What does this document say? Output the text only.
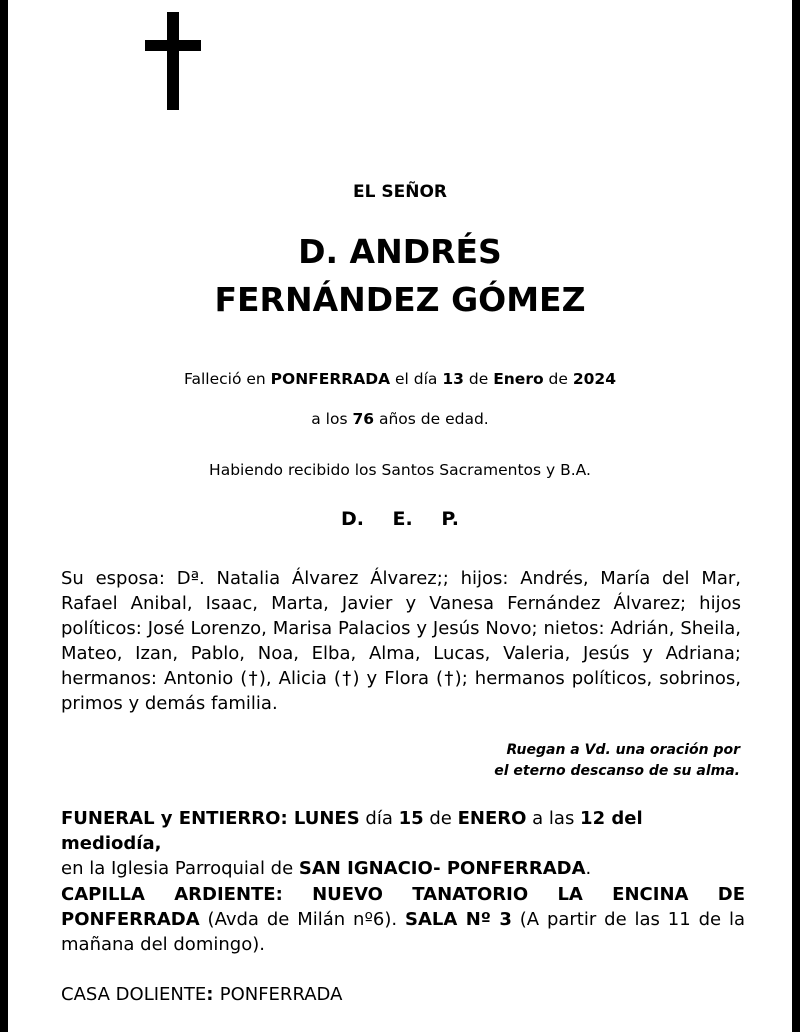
EL SEÑOR
D. ANDRÉS
FERNÁNDEZ GÓMEZ
Falleció en PONFERRADA el día 13 de Enero de 2024
a los 76 años de edad.
Habiendo recibido los Santos Sacramentos y B.A.
D. E. P.
Su esposa: Dª. Natalia Álvarez Álvarez;; hijos: Andrés, María del Mar, Rafael Anibal, Isaac, Marta, Javier y Vanesa Fernández Álvarez; hijos políticos: José Lorenzo, Marisa Palacios y Jesús Novo; nietos: Adrián, Sheila, Mateo, Izan, Pablo, Noa, Elba, Alma, Lucas, Valeria, Jesús y Adriana; hermanos: Antonio (†), Alicia (†) y Flora (†); hermanos políticos, sobrinos, primos y demás familia.
Ruegan a Vd. una oración por
el eterno descanso de su alma.
FUNERAL y ENTIERRO: LUNES día 15 de ENERO a las 12 del mediodía,
en la Iglesia Parroquial de SAN IGNACIO- PONFERRADA.
CAPILLA ARDIENTE: NUEVO TANATORIO LA ENCINA DE PONFERRADA (Avda de Milán nº6). SALA Nº 3 (A partir de las 11 de la mañana del domingo).
CASA DOLIENTE: PONFERRADA
